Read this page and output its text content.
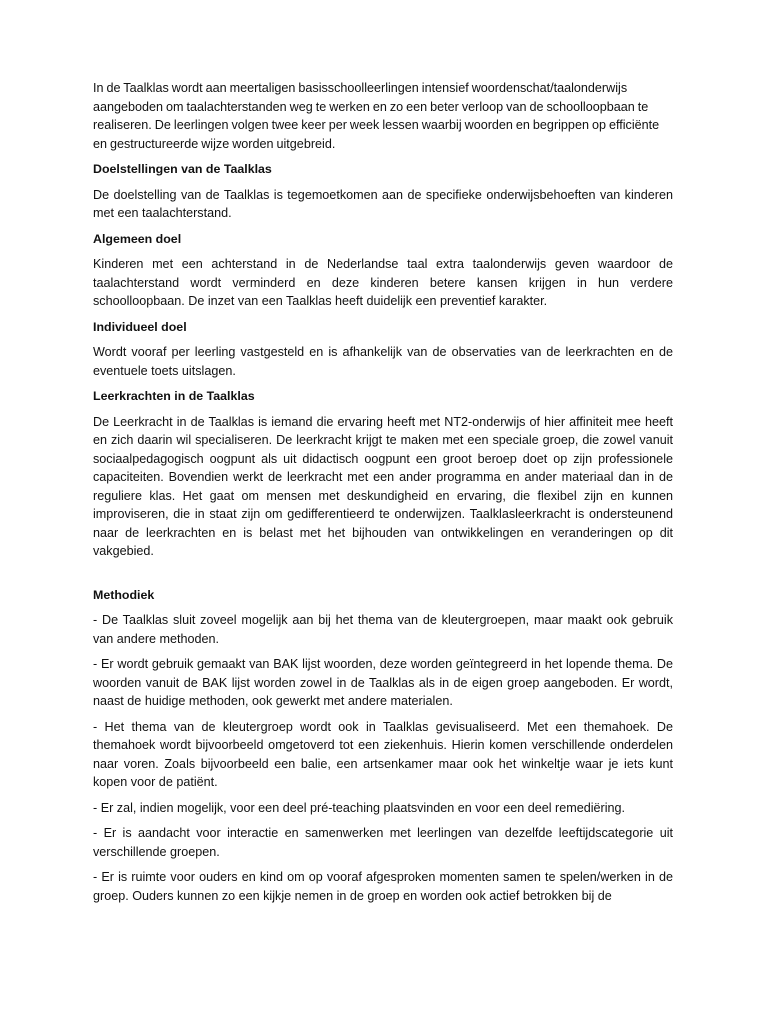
In de Taalklas wordt aan meertaligen basisschoolleerlingen intensief woordenschat/taalonderwijs aangeboden om taalachterstanden weg te werken en zo een beter verloop van de schoolloopbaan te realiseren. De leerlingen volgen twee keer per week lessen waarbij woorden en begrippen op efficiënte en gestructureerde wijze worden uitgebreid.

Doelstellingen van de Taalklas

De doelstelling van de Taalklas is tegemoetkomen aan de specifieke onderwijsbehoeften van kinderen met een taalachterstand.

Algemeen doel

Kinderen met een achterstand in de Nederlandse taal extra taalonderwijs geven waardoor de taalachterstand wordt verminderd en deze kinderen betere kansen krijgen in hun verdere schoolloopbaan. De inzet van een Taalklas heeft duidelijk een preventief karakter.

Individueel doel

Wordt vooraf per leerling vastgesteld en is afhankelijk van de observaties van de leerkrachten en de eventuele toets uitslagen.

Leerkrachten in de Taalklas

De Leerkracht in de Taalklas is iemand die ervaring heeft met NT2-onderwijs of hier affiniteit mee heeft en zich daarin wil specialiseren. De leerkracht krijgt te maken met een speciale groep, die zowel vanuit sociaalpedagogisch oogpunt als uit didactisch oogpunt een groot beroep doet op zijn professionele capaciteiten. Bovendien werkt de leerkracht met een ander programma en ander materiaal dan in de reguliere klas. Het gaat om mensen met deskundigheid en ervaring, die flexibel zijn en kunnen improviseren, die in staat zijn om gedifferentieerd te onderwijzen. Taalklasleerkracht is ondersteunend naar de leerkrachten en is belast met het bijhouden van ontwikkelingen en veranderingen op dit vakgebied.

Methodiek

- De Taalklas sluit zoveel mogelijk aan bij het thema van de kleutergroepen, maar maakt ook gebruik van andere methoden.

- Er wordt gebruik gemaakt van BAK lijst woorden, deze worden geïntegreerd in het lopende thema. De woorden vanuit de BAK lijst worden zowel in de Taalklas als in de eigen groep aangeboden. Er wordt, naast de huidige methoden, ook gewerkt met andere materialen.

- Het thema van de kleutergroep wordt ook in Taalklas gevisualiseerd. Met een themahoek. De themahoek wordt bijvoorbeeld omgetoverd tot een ziekenhuis. Hierin komen verschillende onderdelen naar voren. Zoals bijvoorbeeld een balie, een artsenkamer maar ook het winkeltje waar je iets kunt kopen voor de patiënt.

- Er zal, indien mogelijk, voor een deel pré-teaching plaatsvinden en voor een deel remediëring.

- Er is aandacht voor interactie en samenwerken met leerlingen van dezelfde leeftijdscategorie uit verschillende groepen.

- Er is ruimte voor ouders en kind om op vooraf afgesproken momenten samen te spelen/werken in de groep. Ouders kunnen zo een kijkje nemen in de groep en worden ook actief betrokken bij de
